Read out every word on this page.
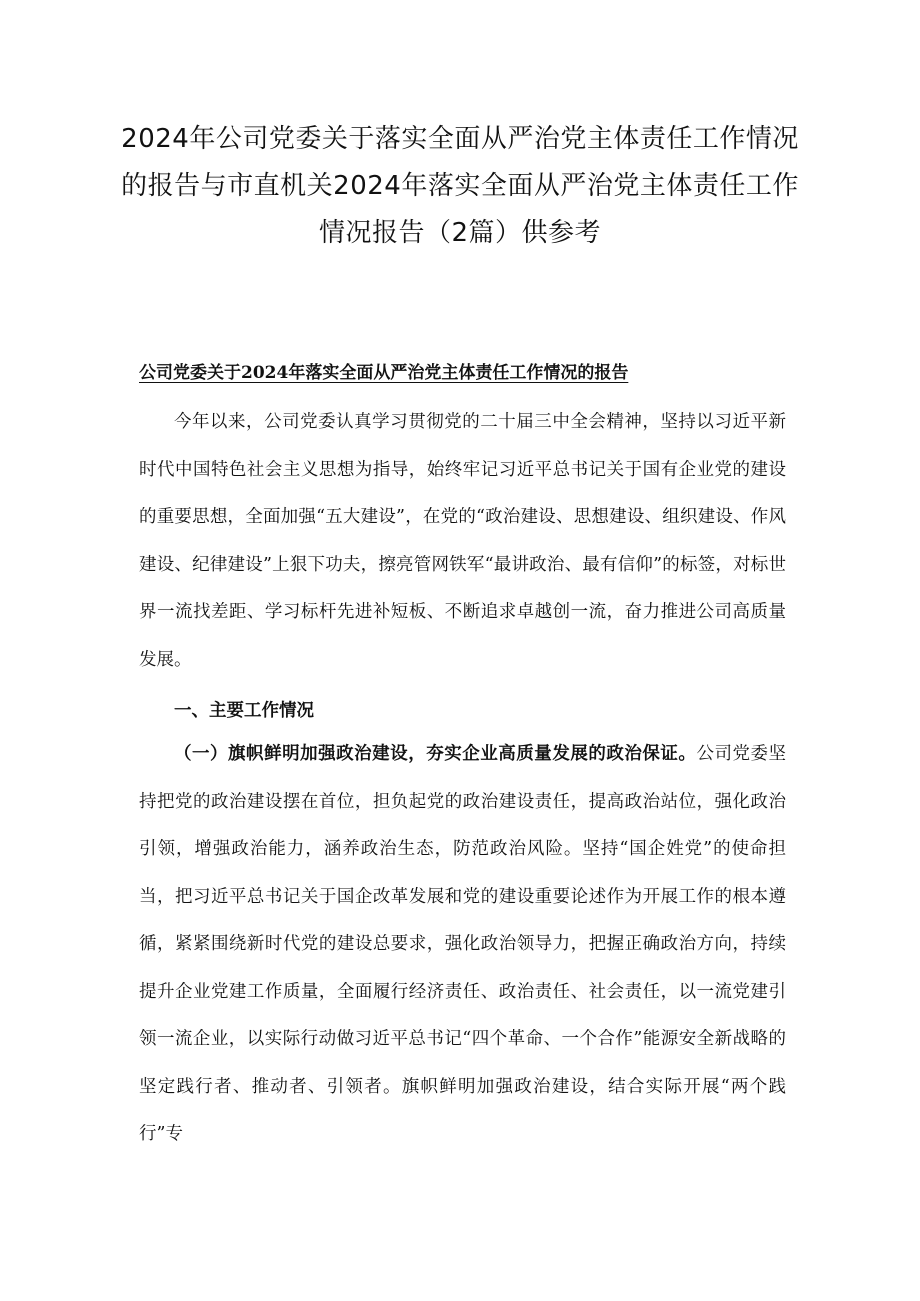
2024年公司党委关于落实全面从严治党主体责任工作情况的报告与市直机关2024年落实全面从严治党主体责任工作情况报告（2篇）供参考
公司党委关于2024年落实全面从严治党主体责任工作情况的报告

今年以来，公司党委认真学习贯彻党的二十届三中全会精神，坚持以习近平新时代中国特色社会主义思想为指导，始终牢记习近平总书记关于国有企业党的建设的重要思想，全面加强“五大建设”，在党的“政治建设、思想建设、组织建设、作风建设、纪律建设”上狠下功夫，擦亮管网铁军“最讲政治、最有信仰”的标签，对标世界一流找差距、学习标杆先进补短板、不断追求卓越创一流，奋力推进公司高质量发展。

一、主要工作情况

（一）旗帜鲜明加强政治建设，夯实企业高质量发展的政治保证。公司党委坚持把党的政治建设摆在首位，担负起党的政治建设责任，提高政治站位，强化政治引领，增强政治能力，涵养政治生态，防范政治风险。坚持“国企姓党”的使命担当，把习近平总书记关于国企改革发展和党的建设重要论述作为开展工作的根本遵循，紧紧围绕新时代党的建设总要求，强化政治领导力，把握正确政治方向，持续提升企业党建工作质量，全面履行经济责任、政治责任、社会责任，以一流党建引领一流企业，以实际行动做习近平总书记“四个革命、一个合作”能源安全新战略的坚定践行者、推动者、引领者。旗帜鲜明加强政治建设，结合实际开展“两个践行”专
